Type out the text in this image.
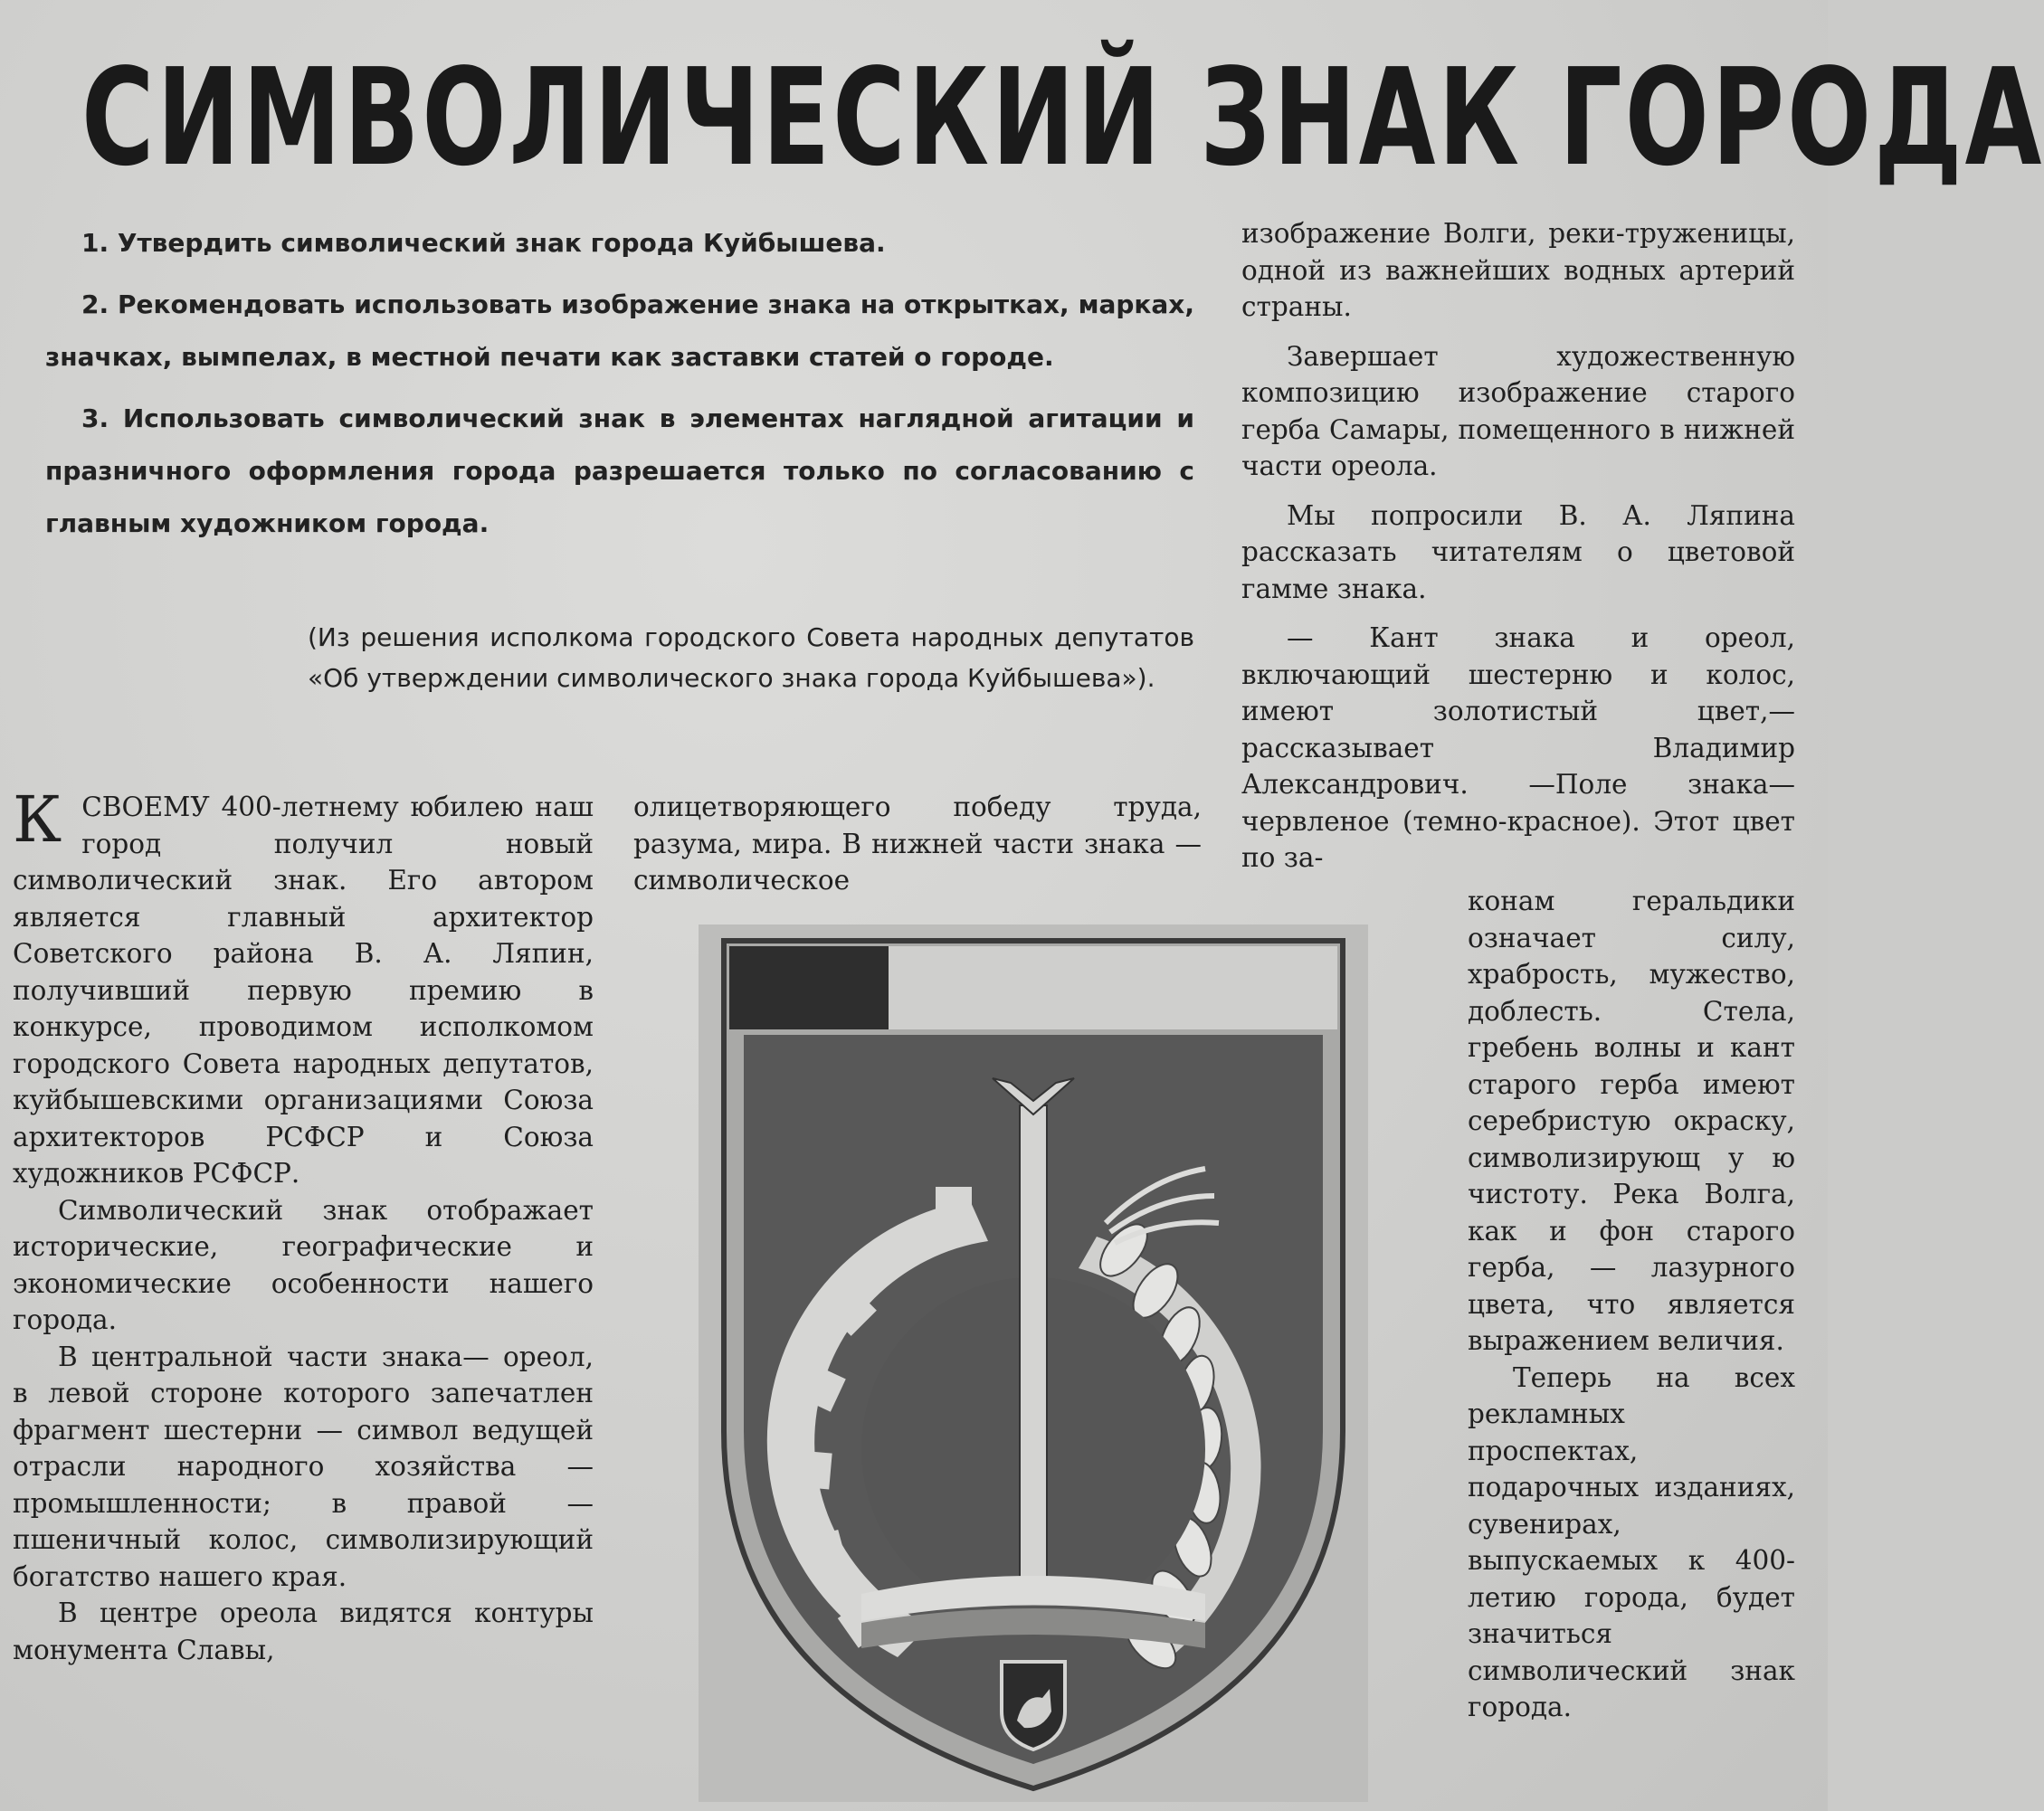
СИМВОЛИЧЕСКИЙ ЗНАК ГОРОДА

1. Утвердить символический знак города Куйбышева.

2. Рекомендовать использовать изображение знака на открытках, марках, значках, вымпелах, в местной печати как заставки статей о городе.

3. Использовать символический знак в элементах наглядной агитации и празничного оформления города разрешается только по согласованию с главным художником города.

(Из решения исполкома городского Совета народных депутатов «Об утверждении символического знака города Куйбышева»).

КСВОЕМУ 400-летнему юбилею наш город получил новый символический знак. Его автором является главный архитектор Советского района В. А. Ляпин, получивший первую премию в конкурсе, проводимом исполкомом городского Совета народных депутатов, куйбышевскими организациями Союза архитекторов РСФСР и Союза художников РСФСР.

Символический знак отображает исторические, географические и экономические особенности нашего города.

В центральной части знака— ореол, в левой стороне которого запечатлен фрагмент шестерни — символ ведущей отрасли народного хозяйства — промышленности; в правой — пшеничный колос, символизирующий богатство нашего края.

В центре ореола видятся контуры монумента Славы,

олицетворяющего победу труда, разума, мира. В нижней части знака — символическое

изображение Волги, реки-труженицы, одной из важнейших водных артерий страны.

Завершает художественную композицию изображение старого герба Самары, помещенного в нижней части ореола.

Мы попросили В. А. Ляпина рассказать читателям о цветовой гамме знака.

— Кант знака и ореол, включающий шестерню и колос, имеют золотистый цвет,—рассказывает Владимир Александрович. —Поле знака—червленое (темно-красное). Этот цвет по за-

конам геральдики означает силу, храбрость, мужество, доблесть. Стела, гребень волны и кант старого герба имеют серебристую окраску, символизирующ у ю чистоту. Река Волга, как и фон старого герба, — лазурного цвета, что является выражением величия.

Теперь на всех рекламных проспектах, подарочных изданиях, сувенирах, выпускаемых к 400-летию города, будет значиться символический знак города.
